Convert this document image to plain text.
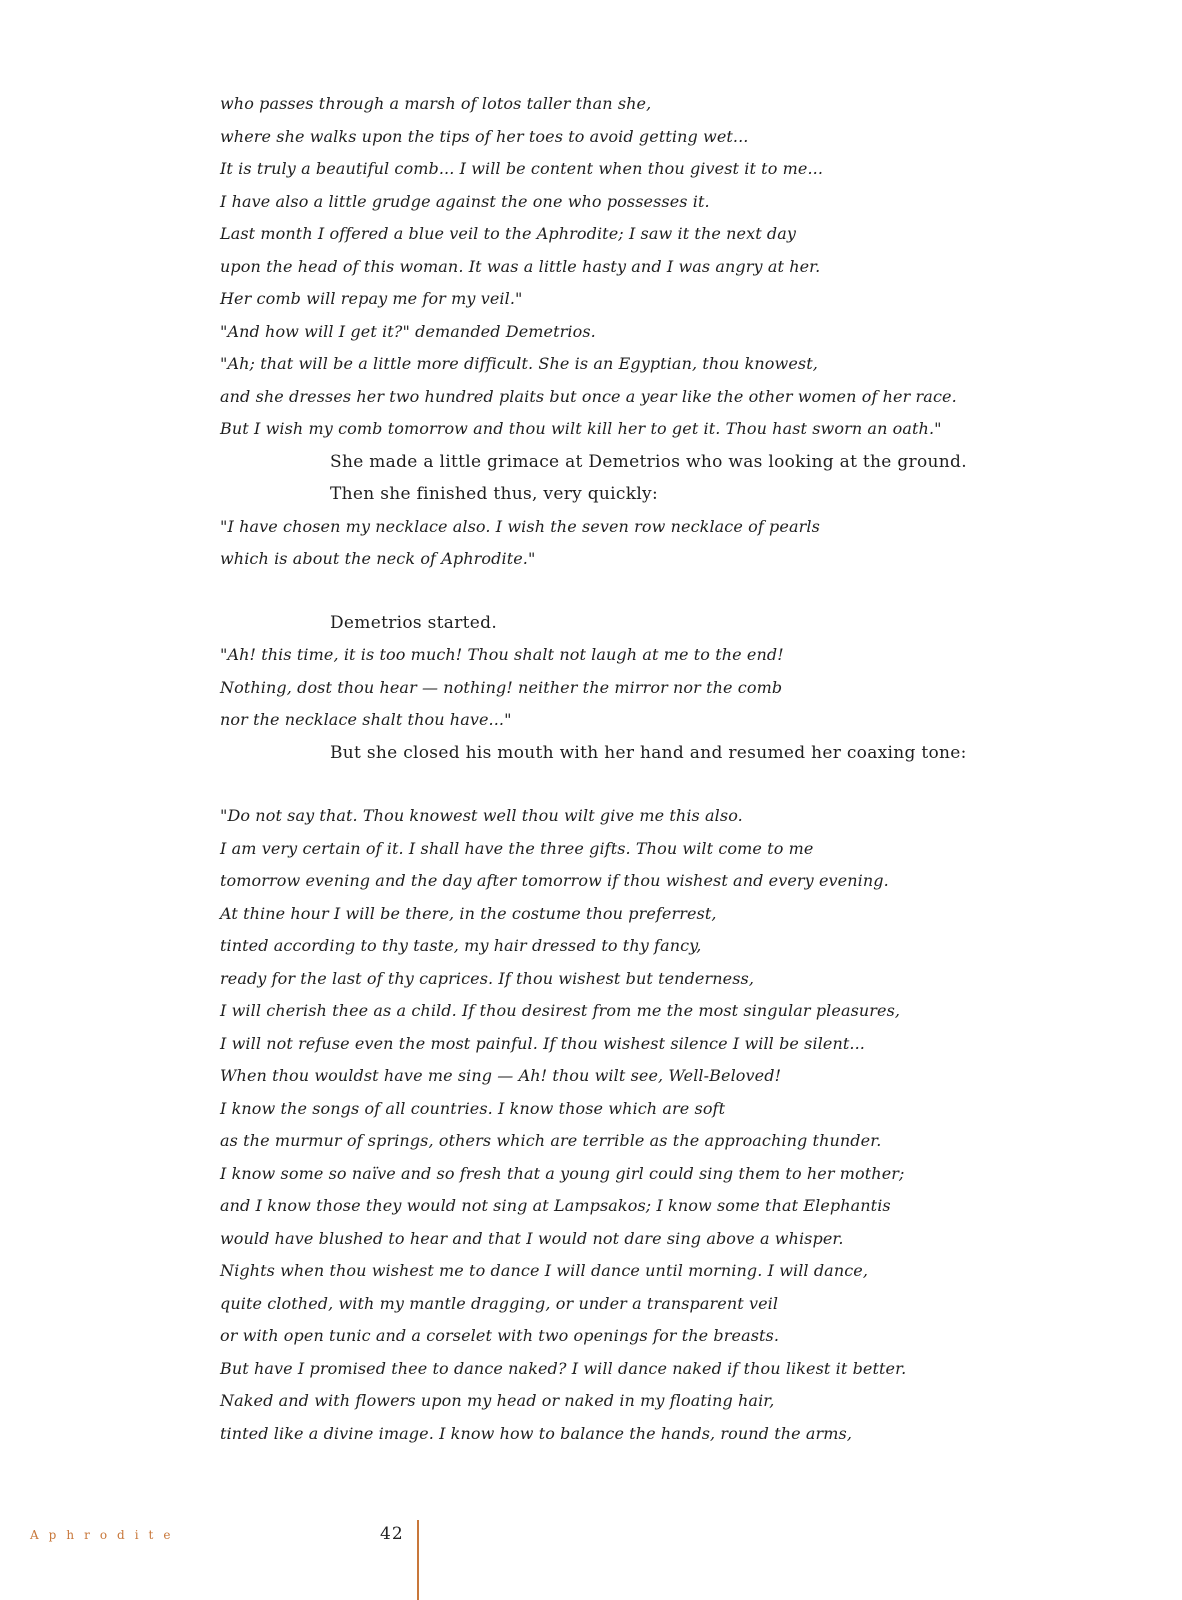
who passes through a marsh of lotos taller than she,
where she walks upon the tips of her toes to avoid getting wet...
It is truly a beautiful comb... I will be content when thou givest it to me...
I have also a little grudge against the one who possesses it.
Last month I offered a blue veil to the Aphrodite; I saw it the next day
upon the head of this woman. It was a little hasty and I was angry at her.
Her comb will repay me for my veil."
"And how will I get it?" demanded Demetrios.
"Ah; that will be a little more difficult. She is an Egyptian, thou knowest,
and she dresses her two hundred plaits but once a year like the other women of her race.
But I wish my comb tomorrow and thou wilt kill her to get it. Thou hast sworn an oath."
She made a little grimace at Demetrios who was looking at the ground.
Then she finished thus, very quickly:
"I have chosen my necklace also. I wish the seven row necklace of pearls
which is about the neck of Aphrodite."
Demetrios started.
"Ah! this time, it is too much! Thou shalt not laugh at me to the end!
Nothing, dost thou hear — nothing! neither the mirror nor the comb
nor the necklace shalt thou have..."
But she closed his mouth with her hand and resumed her coaxing tone:
"Do not say that. Thou knowest well thou wilt give me this also.
I am very certain of it. I shall have the three gifts. Thou wilt come to me
tomorrow evening and the day after tomorrow if thou wishest and every evening.
At thine hour I will be there, in the costume thou preferrest,
tinted according to thy taste, my hair dressed to thy fancy,
ready for the last of thy caprices. If thou wishest but tenderness,
I will cherish thee as a child. If thou desirest from me the most singular pleasures,
I will not refuse even the most painful. If thou wishest silence I will be silent...
When thou wouldst have me sing — Ah! thou wilt see, Well-Beloved!
I know the songs of all countries. I know those which are soft
as the murmur of springs, others which are terrible as the approaching thunder.
I know some so naïve and so fresh that a young girl could sing them to her mother;
and I know those they would not sing at Lampsakos; I know some that Elephantis
would have blushed to hear and that I would not dare sing above a whisper.
Nights when thou wishest me to dance I will dance until morning. I will dance,
quite clothed, with my mantle dragging, or under a transparent veil
or with open tunic and a corselet with two openings for the breasts.
But have I promised thee to dance naked? I will dance naked if thou likest it better.
Naked and with flowers upon my head or naked in my floating hair,
tinted like a divine image. I know how to balance the hands, round the arms,
Aphrodite	42
